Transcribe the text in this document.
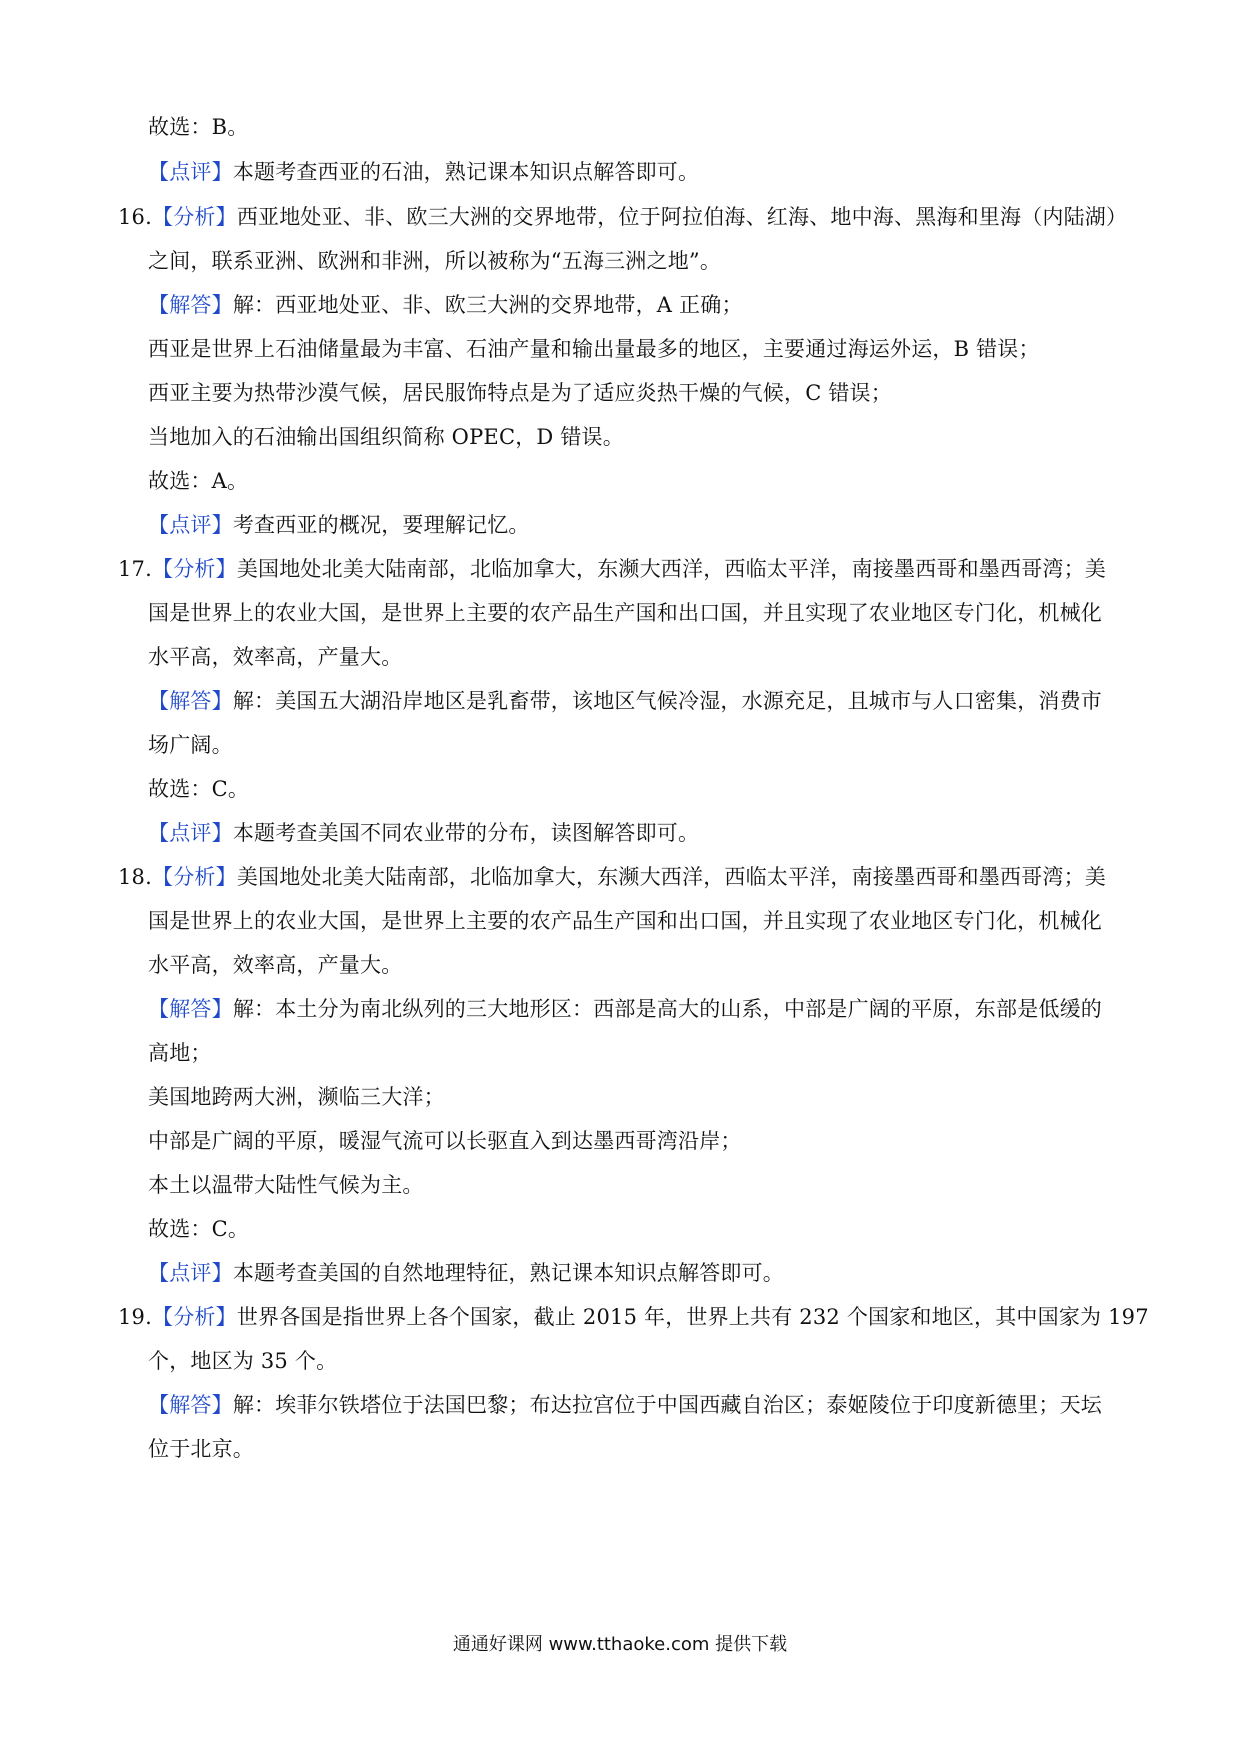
故选：B。
【点评】本题考查西亚的石油，熟记课本知识点解答即可。
16.【分析】西亚地处亚、非、欧三大洲的交界地带，位于阿拉伯海、红海、地中海、黑海和里海（内陆湖）
之间，联系亚洲、欧洲和非洲，所以被称为“五海三洲之地”。
【解答】解：西亚地处亚、非、欧三大洲的交界地带，A 正确；
西亚是世界上石油储量最为丰富、石油产量和输出量最多的地区，主要通过海运外运，B 错误；
西亚主要为热带沙漠气候，居民服饰特点是为了适应炎热干燥的气候，C 错误；
当地加入的石油输出国组织简称 OPEC，D 错误。
故选：A。
【点评】考查西亚的概况，要理解记忆。
17.【分析】美国地处北美大陆南部，北临加拿大，东濒大西洋，西临太平洋，南接墨西哥和墨西哥湾；美
国是世界上的农业大国，是世界上主要的农产品生产国和出口国，并且实现了农业地区专门化，机械化
水平高，效率高，产量大。
【解答】解：美国五大湖沿岸地区是乳畜带，该地区气候冷湿，水源充足，且城市与人口密集，消费市
场广阔。
故选：C。
【点评】本题考查美国不同农业带的分布，读图解答即可。
18.【分析】美国地处北美大陆南部，北临加拿大，东濒大西洋，西临太平洋，南接墨西哥和墨西哥湾；美
国是世界上的农业大国，是世界上主要的农产品生产国和出口国，并且实现了农业地区专门化，机械化
水平高，效率高，产量大。
【解答】解：本土分为南北纵列的三大地形区：西部是高大的山系，中部是广阔的平原，东部是低缓的
高地；
美国地跨两大洲，濒临三大洋；
中部是广阔的平原，暖湿气流可以长驱直入到达墨西哥湾沿岸；
本土以温带大陆性气候为主。
故选：C。
【点评】本题考查美国的自然地理特征，熟记课本知识点解答即可。
19.【分析】世界各国是指世界上各个国家，截止 2015 年，世界上共有 232 个国家和地区，其中国家为 197
个，地区为 35 个。
【解答】解：埃菲尔铁塔位于法国巴黎；布达拉宫位于中国西藏自治区；泰姬陵位于印度新德里；天坛
位于北京。
通通好课网 www.tthaoke.com 提供下载
